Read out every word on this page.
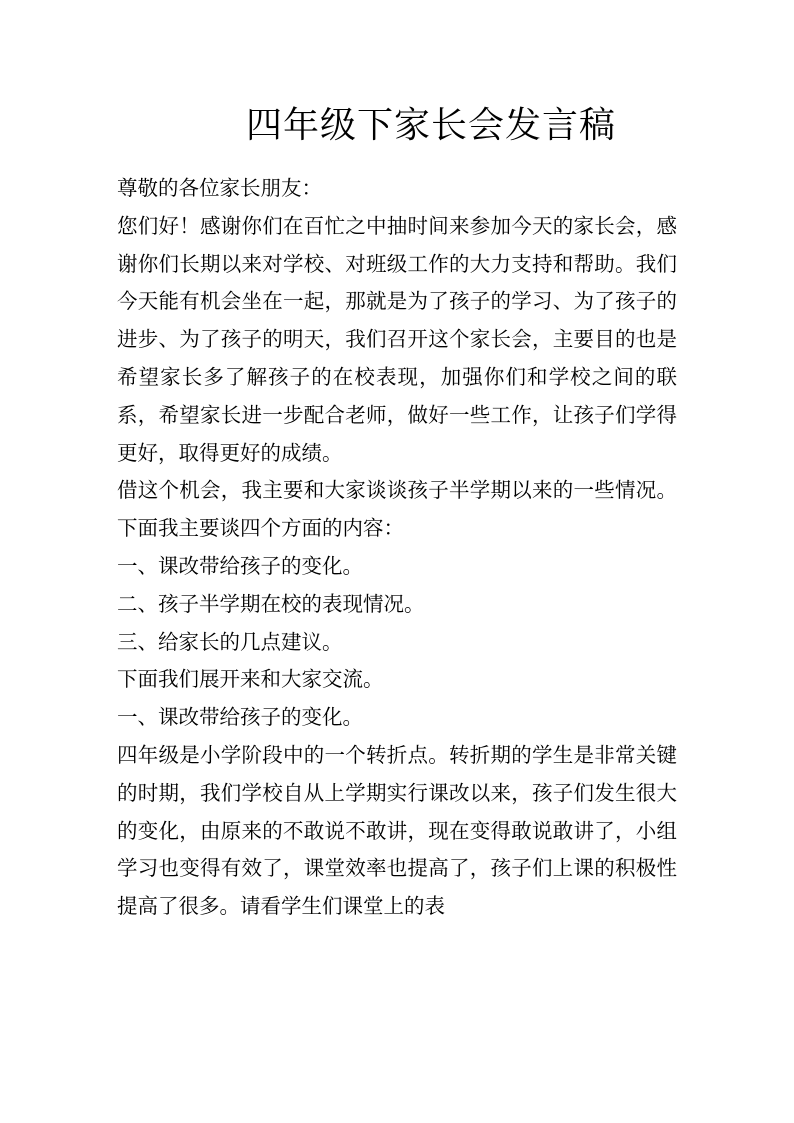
四年级下家长会发言稿

尊敬的各位家长朋友：

您们好！感谢你们在百忙之中抽时间来参加今天的家长会，感谢你们长期以来对学校、对班级工作的大力支持和帮助。我们今天能有机会坐在一起，那就是为了孩子的学习、为了孩子的进步、为了孩子的明天，我们召开这个家长会，主要目的也是希望家长多了解孩子的在校表现，加强你们和学校之间的联系，希望家长进一步配合老师，做好一些工作，让孩子们学得更好，取得更好的成绩。

借这个机会，我主要和大家谈谈孩子半学期以来的一些情况。下面我主要谈四个方面的内容：

一、课改带给孩子的变化。

二、孩子半学期在校的表现情况。

三、给家长的几点建议。

下面我们展开来和大家交流。

一、课改带给孩子的变化。

四年级是小学阶段中的一个转折点。转折期的学生是非常关键的时期，我们学校自从上学期实行课改以来，孩子们发生很大的变化，由原来的不敢说不敢讲，现在变得敢说敢讲了，小组学习也变得有效了，课堂效率也提高了，孩子们上课的积极性提高了很多。请看学生们课堂上的表
